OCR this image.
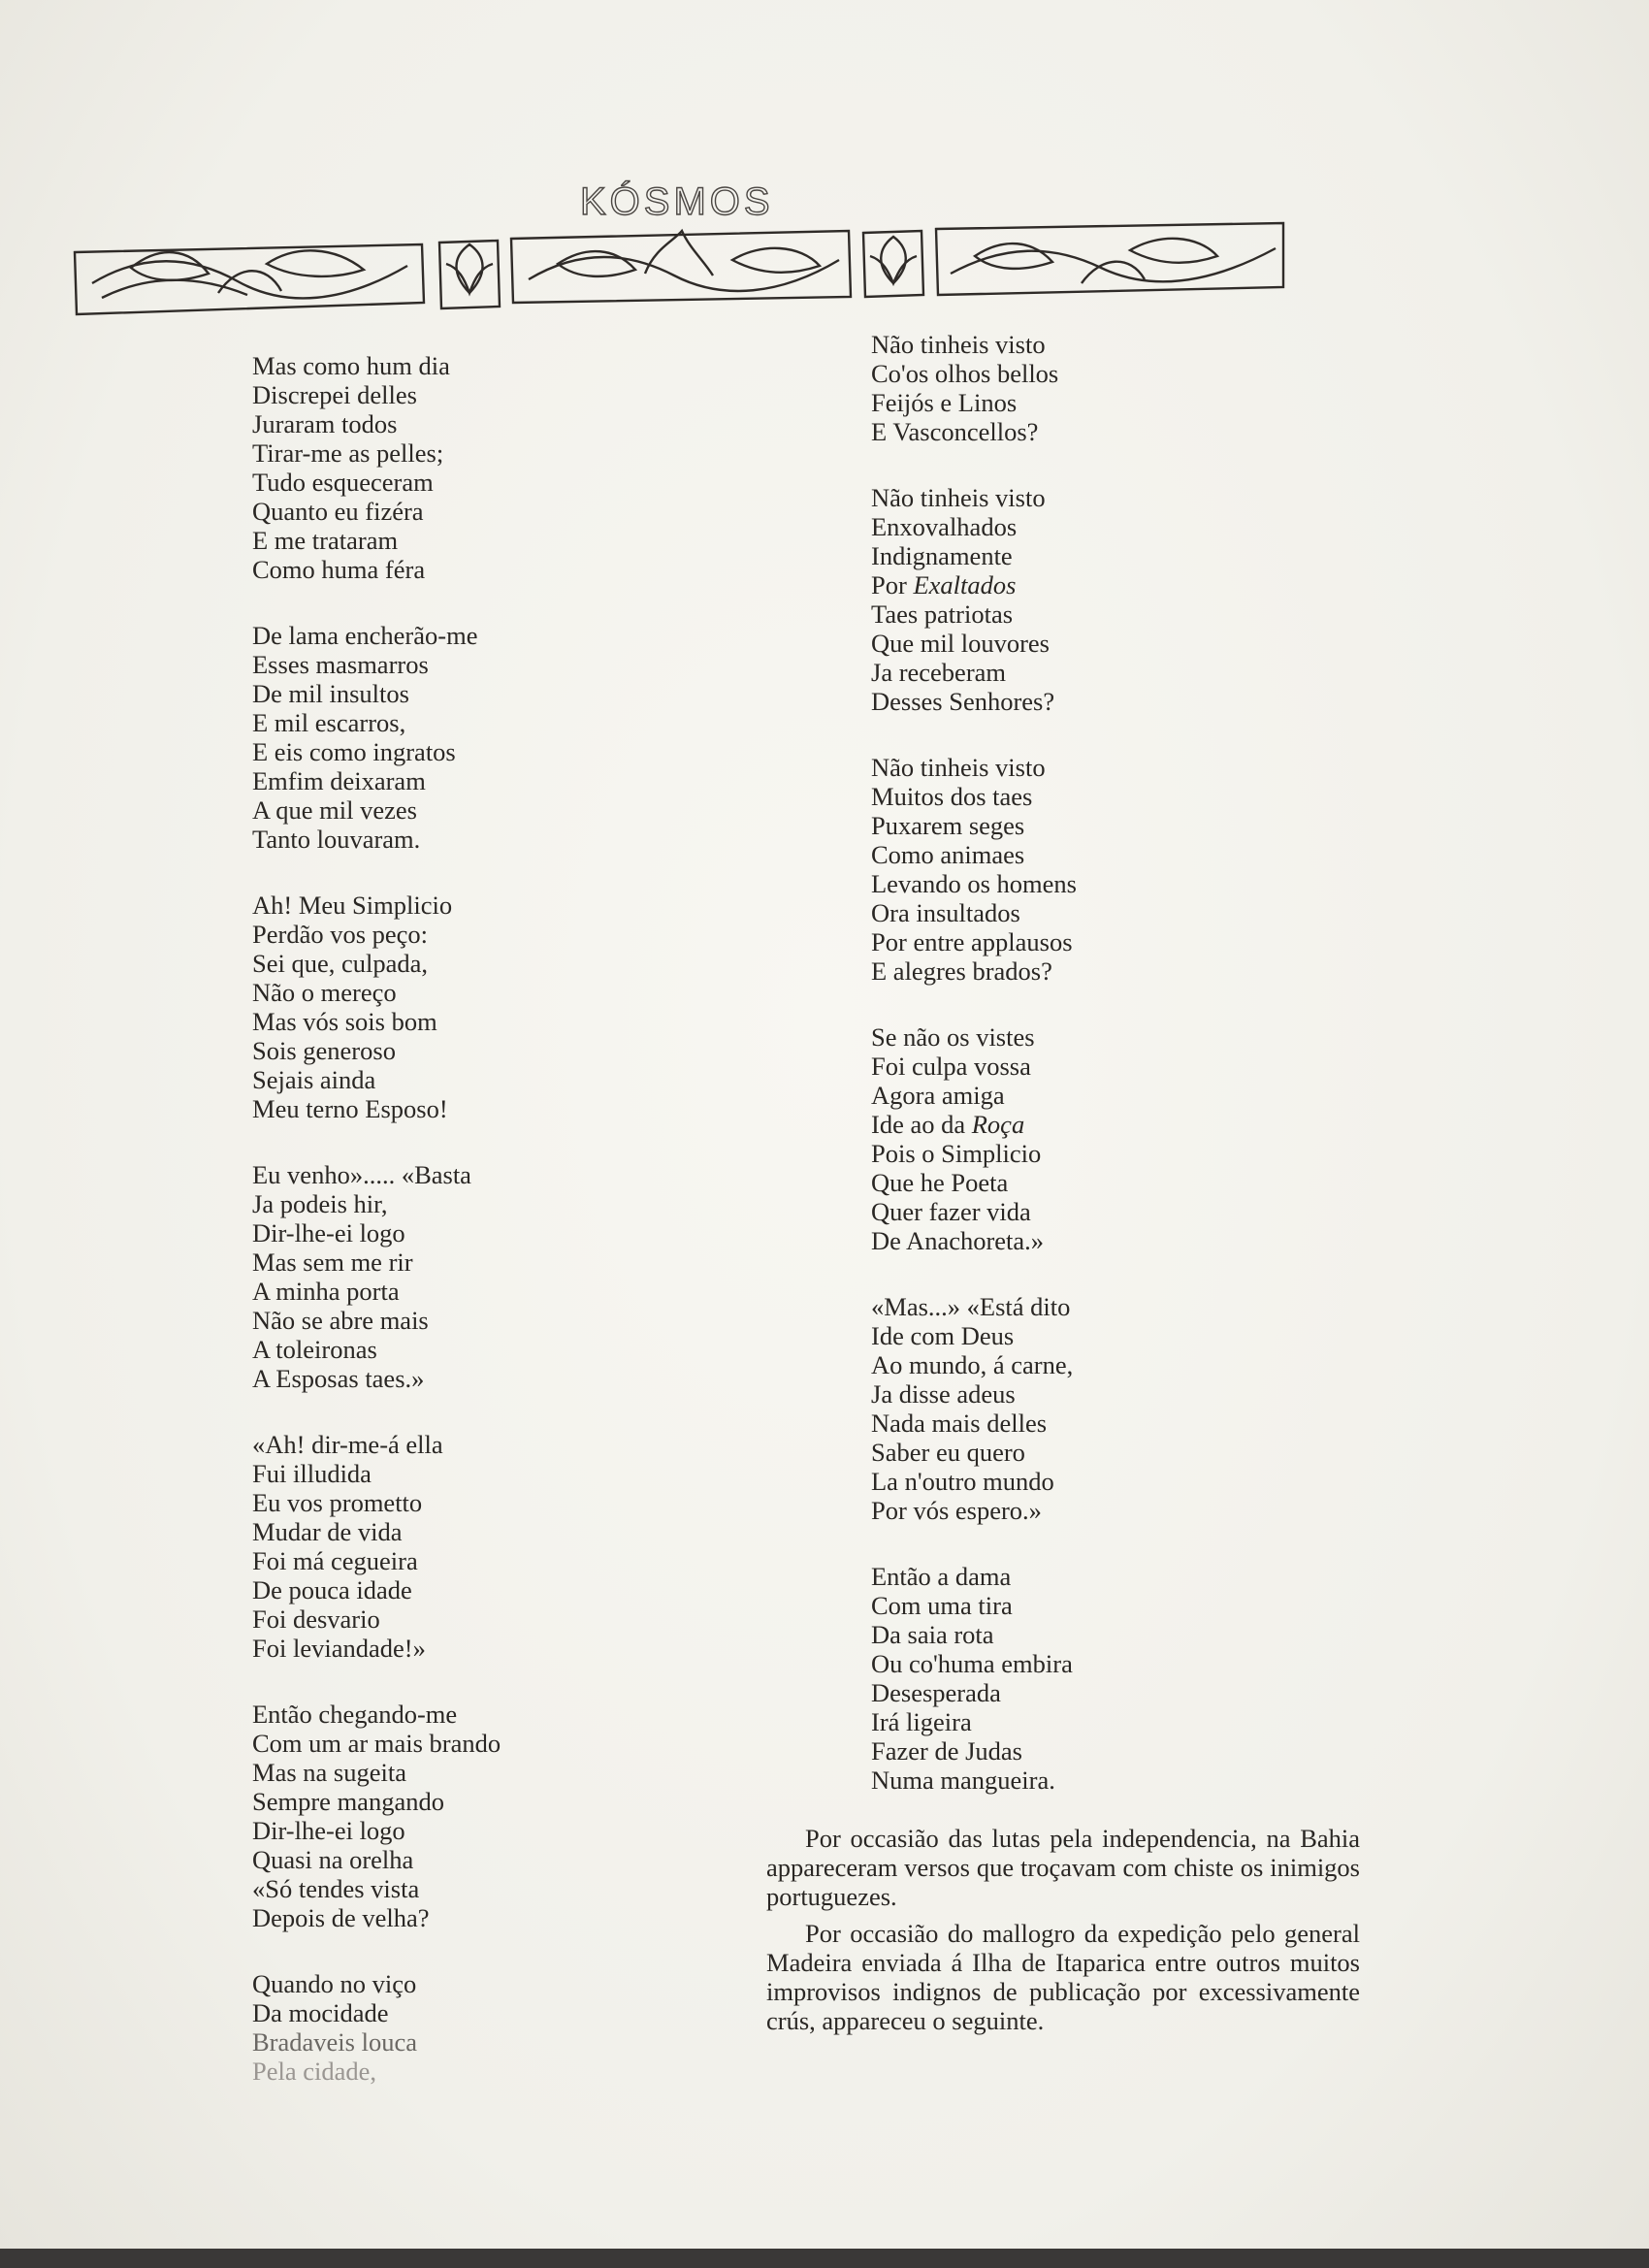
KÓSMOS
Mas como hum dia
Discrepei delles
Juraram todos
Tirar-me as pelles;
Tudo esqueceram
Quanto eu fizéra
E me trataram
Como huma féra
De lama encherão-me
Esses masmarros
De mil insultos
E mil escarros,
E eis como ingratos
Emfim deixaram
A que mil vezes
Tanto louvaram.
Ah! Meu Simplicio
Perdão vos peço:
Sei que, culpada,
Não o mereço
Mas vós sois bom
Sois generoso
Sejais ainda
Meu terno Esposo!
Eu venho»..... «Basta
Ja podeis hir,
Dir-lhe-ei logo
Mas sem me rir
A minha porta
Não se abre mais
A toleironas
A Esposas taes.»
«Ah! dir-me-á ella
Fui illudida
Eu vos prometto
Mudar de vida
Foi má cegueira
De pouca idade
Foi desvario
Foi leviandade!»
Então chegando-me
Com um ar mais brando
Mas na sugeita
Sempre mangando
Dir-lhe-ei logo
Quasi na orelha
«Só tendes vista
Depois de velha?
Quando no viço
Da mocidade
Bradaveis louca
Pela cidade,
Não tinheis visto
Co'os olhos bellos
Feijós e Linos
E Vasconcellos?
Não tinheis visto
Enxovalhados
Indignamente
Por Exaltados
Taes patriotas
Que mil louvores
Ja receberam
Desses Senhores?
Não tinheis visto
Muitos dos taes
Puxarem seges
Como animaes
Levando os homens
Ora insultados
Por entre applausos
E alegres brados?
Se não os vistes
Foi culpa vossa
Agora amiga
Ide ao da Roça
Pois o Simplicio
Que he Poeta
Quer fazer vida
De Anachoreta.»
«Mas...» «Está dito
Ide com Deus
Ao mundo, á carne,
Ja disse adeus
Nada mais delles
Saber eu quero
La n'outro mundo
Por vós espero.»
Então a dama
Com uma tira
Da saia rota
Ou co'huma embira
Desesperada
Irá ligeira
Fazer de Judas
Numa mangueira.

Por occasião das lutas pela independencia, na Bahia appareceram versos que troçavam com chiste os inimigos portuguezes.

Por occasião do mallogro da expedição pelo general Madeira enviada á Ilha de Itaparica entre outros muitos improvisos indignos de publicação por excessivamente crús, appareceu o seguinte.
